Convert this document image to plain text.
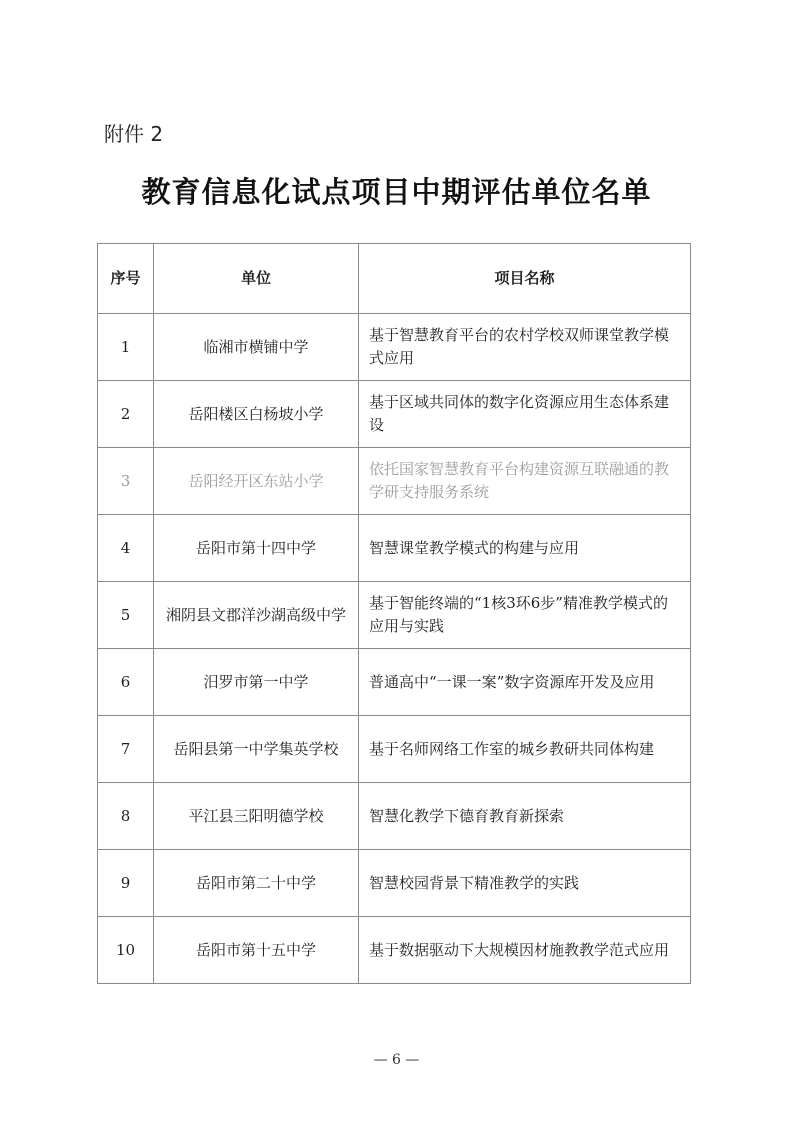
附件 2
教育信息化试点项目中期评估单位名单
序号	单位	项目名称
1	临湘市横铺中学	基于智慧教育平台的农村学校双师课堂教学模式应用
2	岳阳楼区白杨坡小学	基于区域共同体的数字化资源应用生态体系建设
3	岳阳经开区东站小学	依托国家智慧教育平台构建资源互联融通的教学研支持服务系统
4	岳阳市第十四中学	智慧课堂教学模式的构建与应用
5	湘阴县文郡洋沙湖高级中学	基于智能终端的“1核3环6步”精准教学模式的应用与实践
6	汨罗市第一中学	普通高中“一课一案”数字资源库开发及应用
7	岳阳县第一中学集英学校	基于名师网络工作室的城乡教研共同体构建
8	平江县三阳明德学校	智慧化教学下德育教育新探索
9	岳阳市第二十中学	智慧校园背景下精准教学的实践
10	岳阳市第十五中学	基于数据驱动下大规模因材施教教学范式应用
— 6 —
